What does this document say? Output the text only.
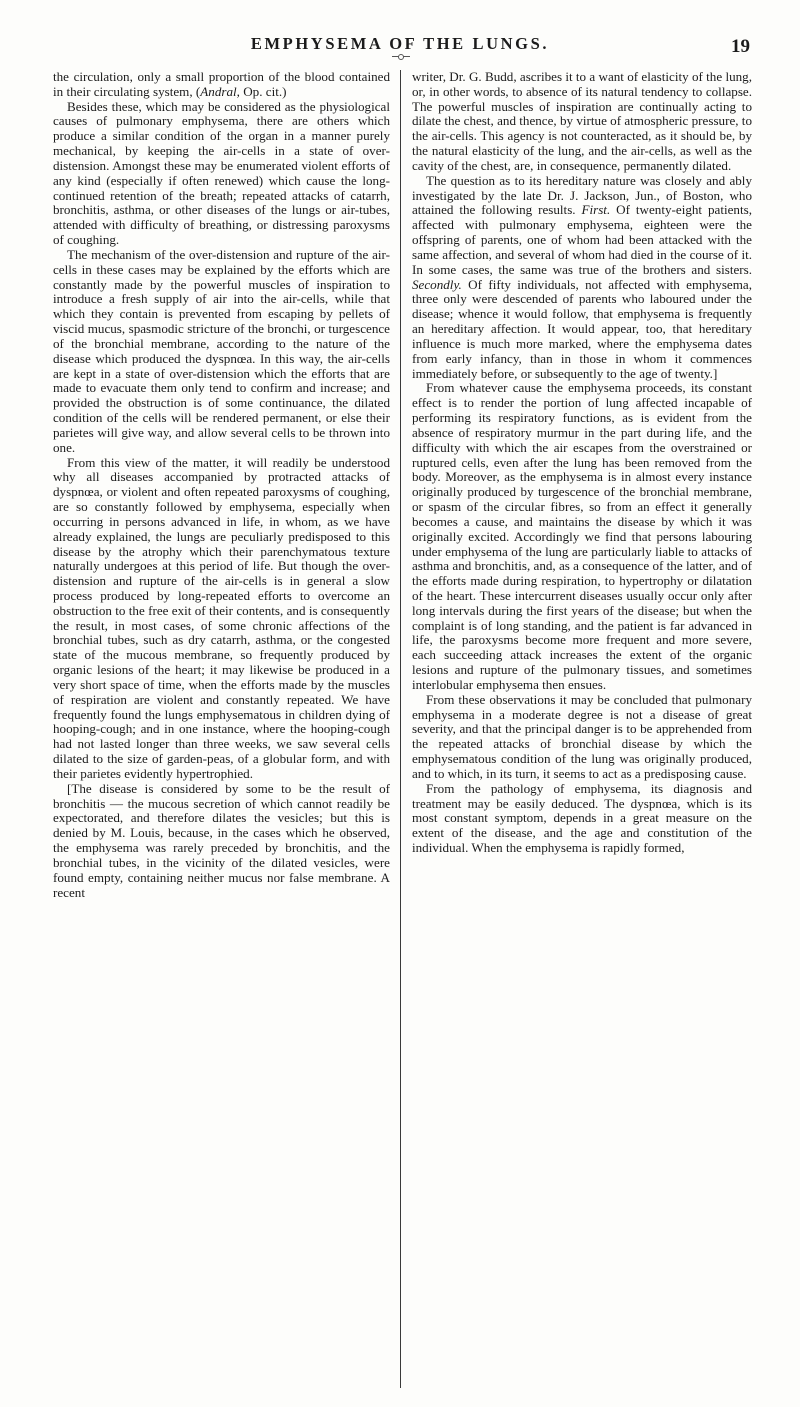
EMPHYSEMA OF THE LUNGS.	19

the circulation, only a small proportion of the blood contained in their circulating system, (Andral, Op. cit.)

Besides these, which may be considered as the physiological causes of pulmonary emphysema, there are others which produce a similar condition of the organ in a manner purely mechanical, by keeping the air-cells in a state of over-distension. Amongst these may be enumerated violent efforts of any kind (especially if often renewed) which cause the long-continued retention of the breath; repeated attacks of catarrh, bronchitis, asthma, or other diseases of the lungs or air-tubes, attended with difficulty of breathing, or distressing paroxysms of coughing.

The mechanism of the over-distension and rupture of the air-cells in these cases may be explained by the efforts which are constantly made by the powerful muscles of inspiration to introduce a fresh supply of air into the air-cells, while that which they contain is prevented from escaping by pellets of viscid mucus, spasmodic stricture of the bronchi, or turgescence of the bronchial membrane, according to the nature of the disease which produced the dyspnœa. In this way, the air-cells are kept in a state of over-distension which the efforts that are made to evacuate them only tend to confirm and increase; and provided the obstruction is of some continuance, the dilated condition of the cells will be rendered permanent, or else their parietes will give way, and allow several cells to be thrown into one.

From this view of the matter, it will readily be understood why all diseases accompanied by protracted attacks of dyspnœa, or violent and often repeated paroxysms of coughing, are so constantly followed by emphysema, especially when occurring in persons advanced in life, in whom, as we have already explained, the lungs are peculiarly predisposed to this disease by the atrophy which their parenchymatous texture naturally undergoes at this period of life. But though the over-distension and rupture of the air-cells is in general a slow process produced by long-repeated efforts to overcome an obstruction to the free exit of their contents, and is consequently the result, in most cases, of some chronic affections of the bronchial tubes, such as dry catarrh, asthma, or the congested state of the mucous membrane, so frequently produced by organic lesions of the heart; it may likewise be produced in a very short space of time, when the efforts made by the muscles of respiration are violent and constantly repeated. We have frequently found the lungs emphysematous in children dying of hooping-cough; and in one instance, where the hooping-cough had not lasted longer than three weeks, we saw several cells dilated to the size of garden-peas, of a globular form, and with their parietes evidently hypertrophied.

[The disease is considered by some to be the result of bronchitis — the mucous secretion of which cannot readily be expectorated, and therefore dilates the vesicles; but this is denied by M. Louis, because, in the cases which he observed, the emphysema was rarely preceded by bronchitis, and the bronchial tubes, in the vicinity of the dilated vesicles, were found empty, containing neither mucus nor false membrane. A recent

writer, Dr. G. Budd, ascribes it to a want of elasticity of the lung, or, in other words, to absence of its natural tendency to collapse. The powerful muscles of inspiration are continually acting to dilate the chest, and thence, by virtue of atmospheric pressure, to the air-cells. This agency is not counteracted, as it should be, by the natural elasticity of the lung, and the air-cells, as well as the cavity of the chest, are, in consequence, permanently dilated.

The question as to its hereditary nature was closely and ably investigated by the late Dr. J. Jackson, Jun., of Boston, who attained the following results. First. Of twenty-eight patients, affected with pulmonary emphysema, eighteen were the offspring of parents, one of whom had been attacked with the same affection, and several of whom had died in the course of it. In some cases, the same was true of the brothers and sisters. Secondly. Of fifty individuals, not affected with emphysema, three only were descended of parents who laboured under the disease; whence it would follow, that emphysema is frequently an hereditary affection. It would appear, too, that hereditary influence is much more marked, where the emphysema dates from early infancy, than in those in whom it commences immediately before, or subsequently to the age of twenty.]

From whatever cause the emphysema proceeds, its constant effect is to render the portion of lung affected incapable of performing its respiratory functions, as is evident from the absence of respiratory murmur in the part during life, and the difficulty with which the air escapes from the overstrained or ruptured cells, even after the lung has been removed from the body. Moreover, as the emphysema is in almost every instance originally produced by turgescence of the bronchial membrane, or spasm of the circular fibres, so from an effect it generally becomes a cause, and maintains the disease by which it was originally excited. Accordingly we find that persons labouring under emphysema of the lung are particularly liable to attacks of asthma and bronchitis, and, as a consequence of the latter, and of the efforts made during respiration, to hypertrophy or dilatation of the heart. These intercurrent diseases usually occur only after long intervals during the first years of the disease; but when the complaint is of long standing, and the patient is far advanced in life, the paroxysms become more frequent and more severe, each succeeding attack increases the extent of the organic lesions and rupture of the pulmonary tissues, and sometimes interlobular emphysema then ensues.

From these observations it may be concluded that pulmonary emphysema in a moderate degree is not a disease of great severity, and that the principal danger is to be apprehended from the repeated attacks of bronchial disease by which the emphysematous condition of the lung was originally produced, and to which, in its turn, it seems to act as a predisposing cause.

From the pathology of emphysema, its diagnosis and treatment may be easily deduced. The dyspnœa, which is its most constant symptom, depends in a great measure on the extent of the disease, and the age and constitution of the individual. When the emphysema is rapidly formed,
